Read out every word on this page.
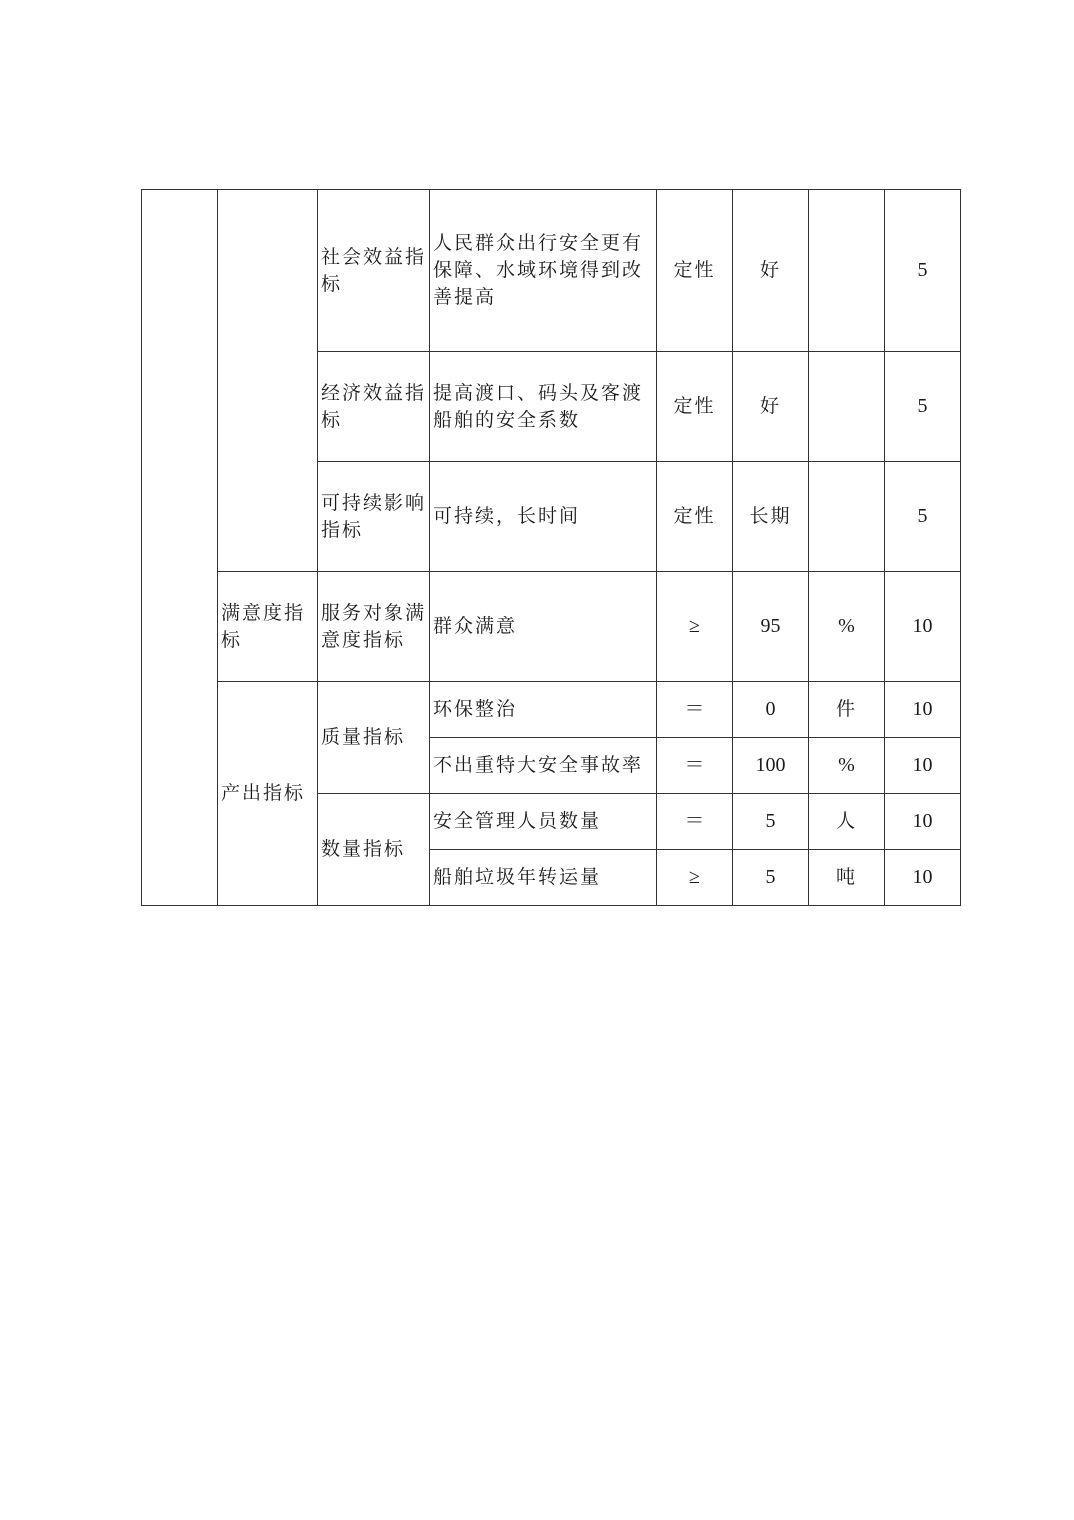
		社会效益指标	人民群众出行安全更有保障、水域环境得到改善提高	定性	好		5
		经济效益指标	提高渡口、码头及客渡船舶的安全系数	定性	好		5
		可持续影响指标	可持续，长时间	定性	长期		5
	满意度指标	服务对象满意度指标	群众满意	≥	95	%	10
	产出指标	质量指标	环保整治	＝	0	件	10
			不出重特大安全事故率	＝	100	%	10
		数量指标	安全管理人员数量	＝	5	人	10
			船舶垃圾年转运量	≥	5	吨	10
